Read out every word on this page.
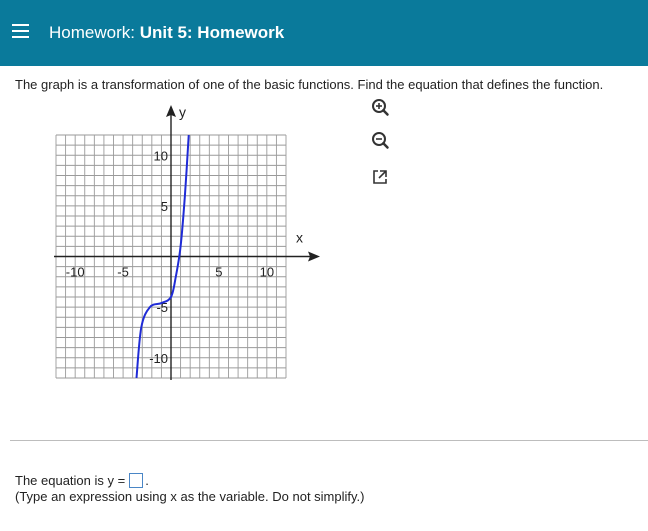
Homework: Unit 5: Homework
The graph is a transformation of one of the basic functions. Find the equation that defines the function.
x
y
-10	-5	5	10
10
5
-5
-10
The equation is y = .
(Type an expression using x as the variable. Do not simplify.)
